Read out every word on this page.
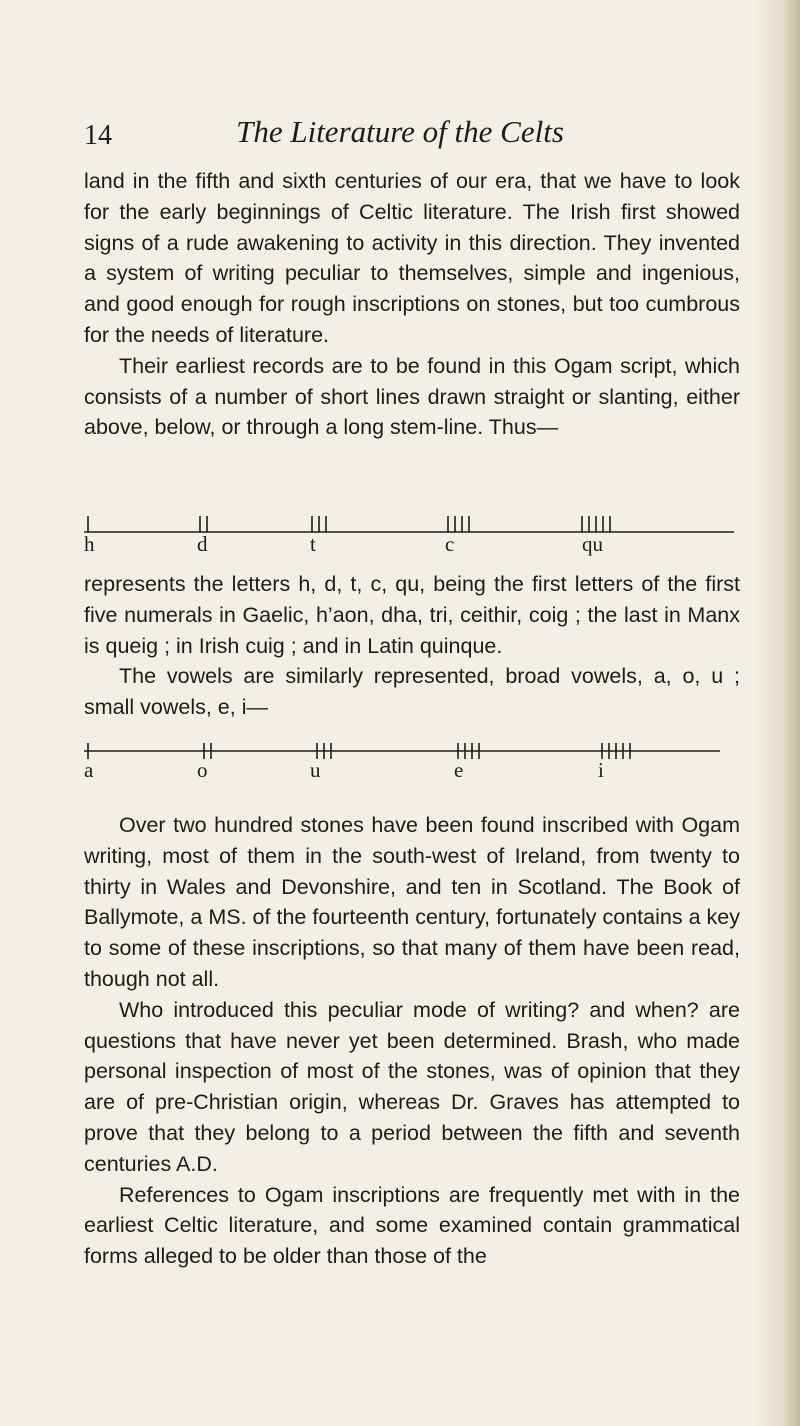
14	The Literature of the Celts

land in the fifth and sixth centuries of our era, that we have to look for the early beginnings of Celtic literature. The Irish first showed signs of a rude awakening to activity in this direction. They invented a system of writing peculiar to themselves, simple and ingenious, and good enough for rough inscriptions on stones, but too cumbrous for the needs of literature.

Their earliest records are to be found in this Ogam script, which consists of a number of short lines drawn straight or slanting, either above, below, or through a long stem-line. Thus—

h	d	t	c	qu

represents the letters h, d, t, c, qu, being the first letters of the first five numerals in Gaelic, h’aon, dha, tri, ceithir, coig ; the last in Manx is queig ; in Irish cuig ; and in Latin quinque.

The vowels are similarly represented, broad vowels, a, o, u ; small vowels, e, i—

a	o	u	e	i

Over two hundred stones have been found inscribed with Ogam writing, most of them in the south-west of Ireland, from twenty to thirty in Wales and Devonshire, and ten in Scotland. The Book of Ballymote, a MS. of the fourteenth century, fortunately contains a key to some of these inscriptions, so that many of them have been read, though not all.

Who introduced this peculiar mode of writing? and when? are questions that have never yet been determined. Brash, who made personal inspection of most of the stones, was of opinion that they are of pre-Christian origin, whereas Dr. Graves has attempted to prove that they belong to a period between the fifth and seventh centuries A.D.

References to Ogam inscriptions are frequently met with in the earliest Celtic literature, and some examined contain grammatical forms alleged to be older than those of the
